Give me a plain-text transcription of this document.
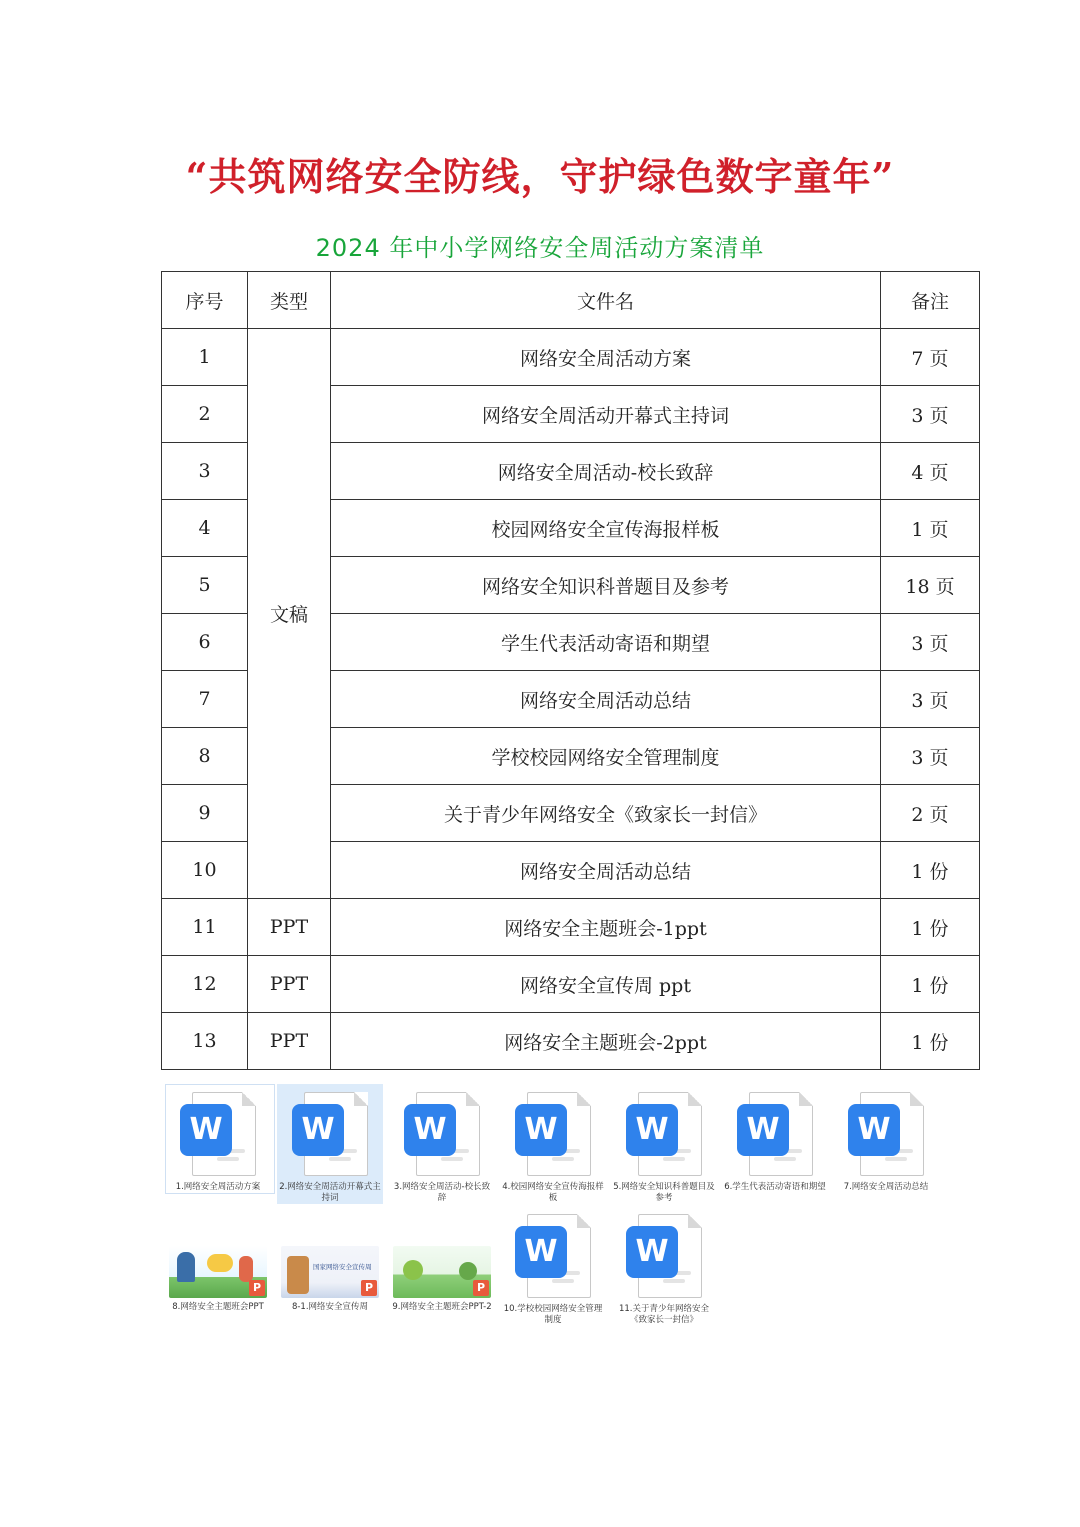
“共筑网络安全防线，守护绿色数字童年”
2024 年中小学网络安全周活动方案清单
序号	类型	文件名	备注
1	文稿	网络安全周活动方案	7 页
2		网络安全周活动开幕式主持词	3 页
3		网络安全周活动-校长致辞	4 页
4		校园网络安全宣传海报样板	1 页
5		网络安全知识科普题目及参考	18 页
6		学生代表活动寄语和期望	3 页
7		网络安全周活动总结	3 页
8		学校校园网络安全管理制度	3 页
9		关于青少年网络安全《致家长一封信》	2 页
10		网络安全周活动总结	1 份
11	PPT	网络安全主题班会-1ppt	1 份
12	PPT	网络安全宣传周 ppt	1 份
13	PPT	网络安全主题班会-2ppt	1 份
W
1.网络安全周活动方案
W
2.网络安全周活动开幕式主持词
W
3.网络安全周活动-校长致辞
W
4.校园网络安全宣传海报样板
W
5.网络安全知识科普题目及参考
W
6.学生代表活动寄语和期望
W
7.网络安全周活动总结
P
8.网络安全主题班会PPT
国家网络安全宣传周
P
8-1.网络安全宣传周
P
9.网络安全主题班会PPT-2
W
10.学校校园网络安全管理制度
W
11.关于青少年网络安全《致家长一封信》
